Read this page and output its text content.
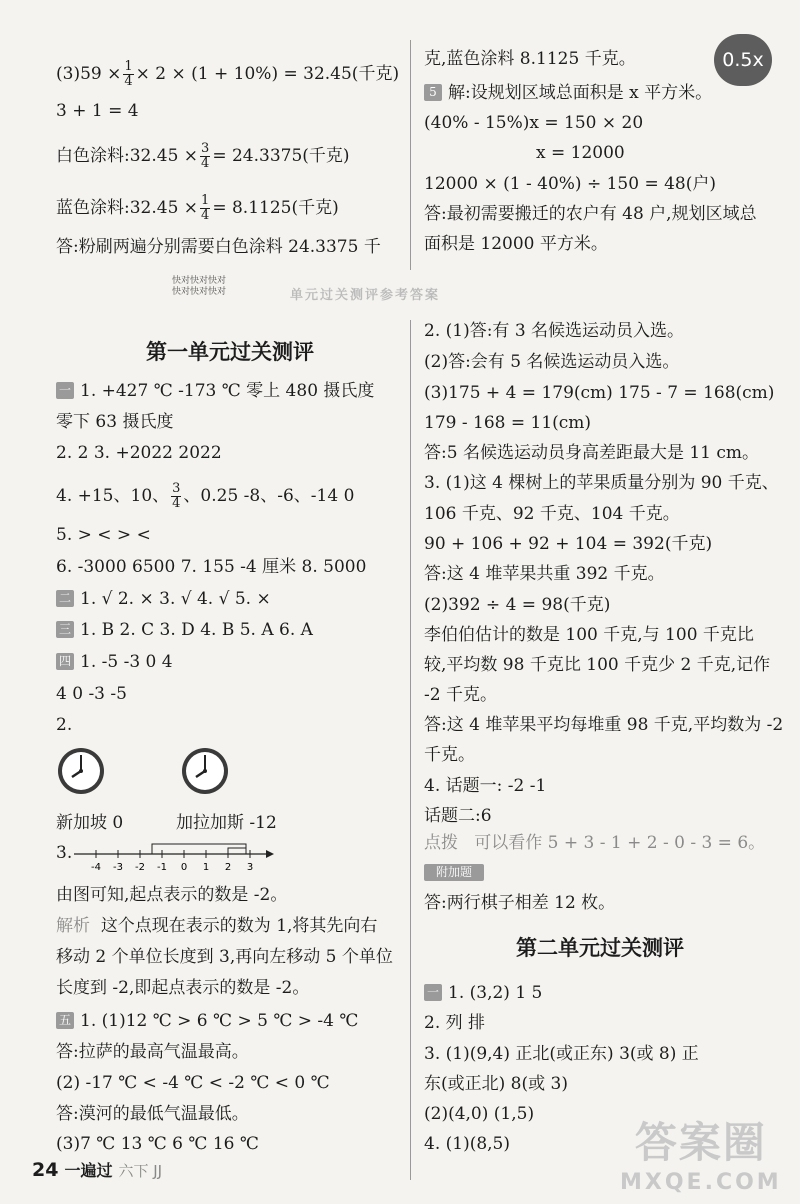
0.5x
$(3)59 \times \frac{1}{4} \times 2 \times (1 + 10\%) = 32.45$(千克)
3 + 1 = 4
白色涂料:32.45 × $\frac{3}{4} = 24.3375$(千克)
蓝色涂料:32.45 × $\frac{1}{4} = 8.1125$(千克)
答:粉刷两遍分别需要白色涂料 24.3375 千
克,蓝色涂料 8.1125 千克。
5 解:设规划区域总面积是 x 平方米。
(40% - 15%)x = 150 × 20
x = 12000
12000 × (1 - 40%) ÷ 150 = 48(户)
答:最初需要搬迁的农户有 48 户,规划区域总
面积是 12000 平方米。
快对快对快对
快对快对快对	单元过关测评参考答案
第一单元过关测评
一 1. +427 ℃ -173 ℃ 零上 480 摄氏度
零下 63 摄氏度
2. 2 3. +2022 2022
4. +15、10、 $\frac{3}{4}$ 、0.25 -8、-6、-14 0
5. > < > <
6. -3000 6500 7. 155 -4 厘米 8. 5000
二 1. √ 2. × 3. √ 4. √ 5. ×
三 1. B 2. C 3. D 4. B 5. A 6. A
四 1. -5 -3 0 4
4 0 -3 -5
2.
新加坡 0	加拉加斯 -12
3.
-4 -3 -2 -1 0 1 2 3
由图可知,起点表示的数是 -2。
解析 这个点现在表示的数为 1,将其先向右
移动 2 个单位长度到 3,再向左移动 5 个单位
长度到 -2,即起点表示的数是 -2。
五 1. (1)12 ℃ > 6 ℃ > 5 ℃ > -4 ℃
答:拉萨的最高气温最高。
(2) -17 ℃ < -4 ℃ < -2 ℃ < 0 ℃
答:漠河的最低气温最低。
(3)7 ℃ 13 ℃ 6 ℃ 16 ℃
2. (1)答:有 3 名候选运动员入选。
(2)答:会有 5 名候选运动员入选。
(3)175 + 4 = 179(cm) 175 - 7 = 168(cm)
179 - 168 = 11(cm)
答:5 名候选运动员身高差距最大是 11 cm。
3. (1)这 4 棵树上的苹果质量分别为 90 千克、
106 千克、92 千克、104 千克。
90 + 106 + 92 + 104 = 392(千克)
答:这 4 堆苹果共重 392 千克。
(2)392 ÷ 4 = 98(千克)
李伯伯估计的数是 100 千克,与 100 千克比
较,平均数 98 千克比 100 千克少 2 千克,记作
-2 千克。
答:这 4 堆苹果平均每堆重 98 千克,平均数为 -2
千克。
4. 话题一: -2 -1
话题二:6
点拨 可以看作 5 + 3 - 1 + 2 - 0 - 3 = 6。
附加题
答:两行棋子相差 12 枚。
第二单元过关测评
一 1. (3,2) 1 5
2. 列 排
3. (1)(9,4) 正北(或正东) 3(或 8) 正
东(或正北) 8(或 3)
(2)(4,0) (1,5)
4. (1)(8,5)
24 一遍过 六下 JJ
答案圈
MXQE.COM
